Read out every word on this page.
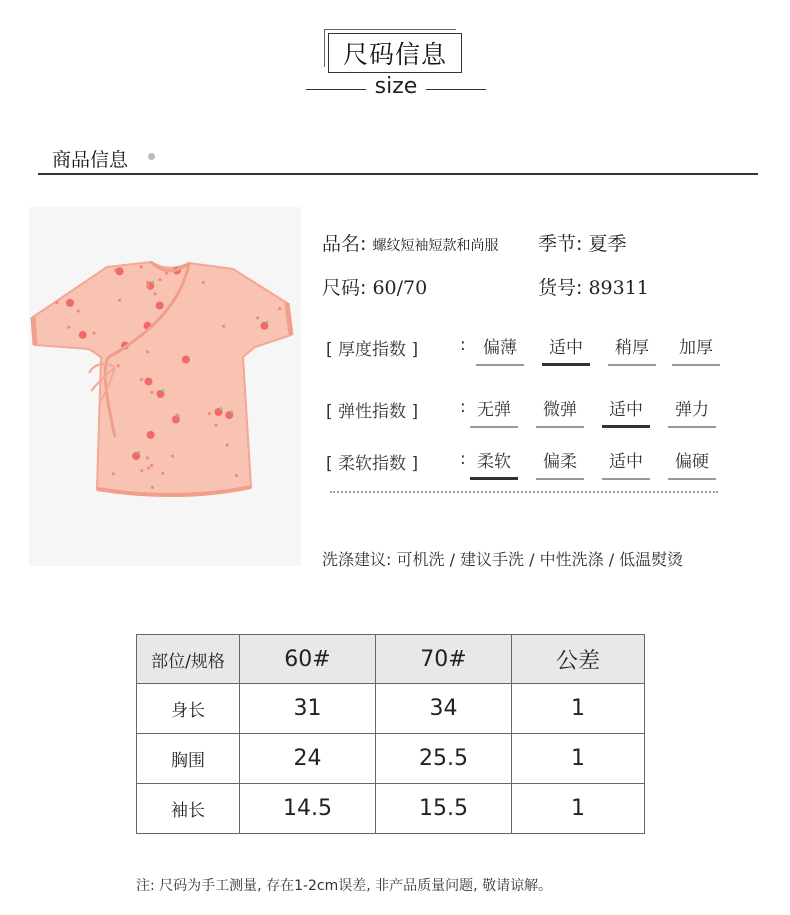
尺码信息
size
商品信息
品名: 螺纹短袖短款和尚服 季节: 夏季
尺码: 60/70	货号: 89311
[ 厚度指数 ] :	偏薄	适中	稍厚	加厚
[ 弹性指数 ] : 无弹	微弹	适中	弹力
[ 柔软指数 ] : 柔软	偏柔	适中	偏硬
洗涤建议: 可机洗 / 建议手洗 / 中性洗涤 / 低温熨烫
部位/规格	60#	70#	公差
身长	31	34	1
胸围	24	25.5	1
袖长	14.5	15.5	1
注: 尺码为手工测量, 存在1-2cm误差, 非产品质量问题, 敬请谅解。
